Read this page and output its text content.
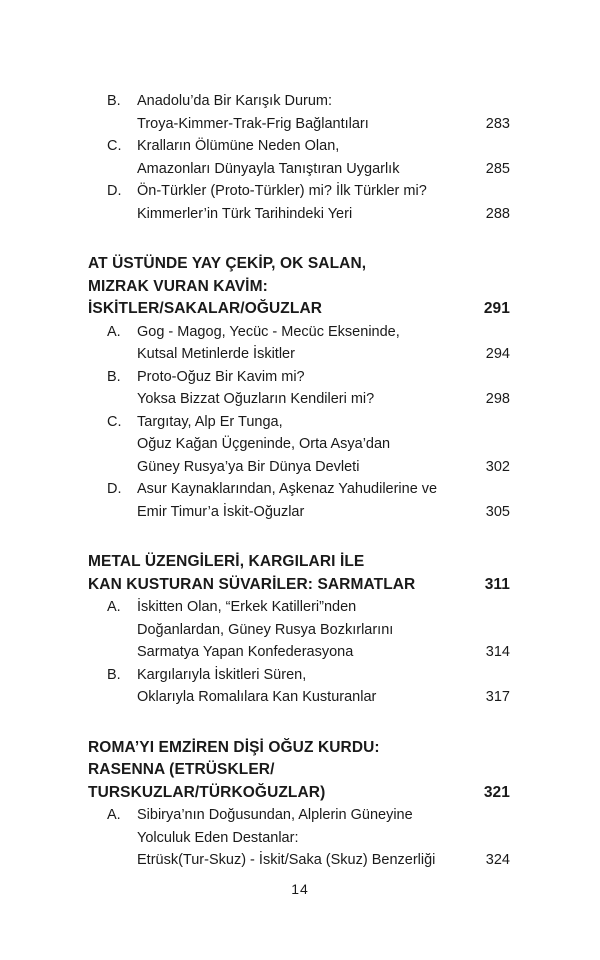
B.	Anadolu’da Bir Karışık Durum:
Troya-Kimmer-Trak-Frig Bağlantıları	283
C.	Kralların Ölümüne Neden Olan,
Amazonları Dünyayla Tanıştıran Uygarlık	285
D.	Ön-Türkler (Proto-Türkler) mi? İlk Türkler mi?
Kimmerler’in Türk Tarihindeki Yeri	288
AT ÜSTÜNDE YAY ÇEKİP, OK SALAN,
MIZRAK VURAN KAVİM:
İSKİTLER/SAKALAR/OĞUZLAR	291
A.	Gog - Magog, Yecüc - Mecüc Ekseninde,
Kutsal Metinlerde İskitler	294
B.	Proto-Oğuz Bir Kavim mi?
Yoksa Bizzat Oğuzların Kendileri mi?	298
C.	Targıtay, Alp Er Tunga,
Oğuz Kağan Üçgeninde, Orta Asya’dan
Güney Rusya’ya Bir Dünya Devleti	302
D.	Asur Kaynaklarından, Aşkenaz Yahudilerine ve
Emir Timur’a İskit-Oğuzlar	305
METAL ÜZENGİLERİ, KARGILARI İLE
KAN KUSTURAN SÜVARİLER: SARMATLAR	311
A.	İskitten Olan, “Erkek Katilleri”nden
Doğanlardan, Güney Rusya Bozkırlarını
Sarmatya Yapan Konfederasyona	314
B.	Kargılarıyla İskitleri Süren,
Oklarıyla Romalılara Kan Kusturanlar	317
ROMA’YI EMZİREN DİŞİ OĞUZ KURDU:
RASENNA (ETRÜSKLER/
TURSKUZLAR/TÜRKOĞUZLAR)	321
A.	Sibirya’nın Doğusundan, Alplerin Güneyine
Yolculuk Eden Destanlar:
Etrüsk(Tur-Skuz) - İskit/Saka (Skuz) Benzerliği	324
14
